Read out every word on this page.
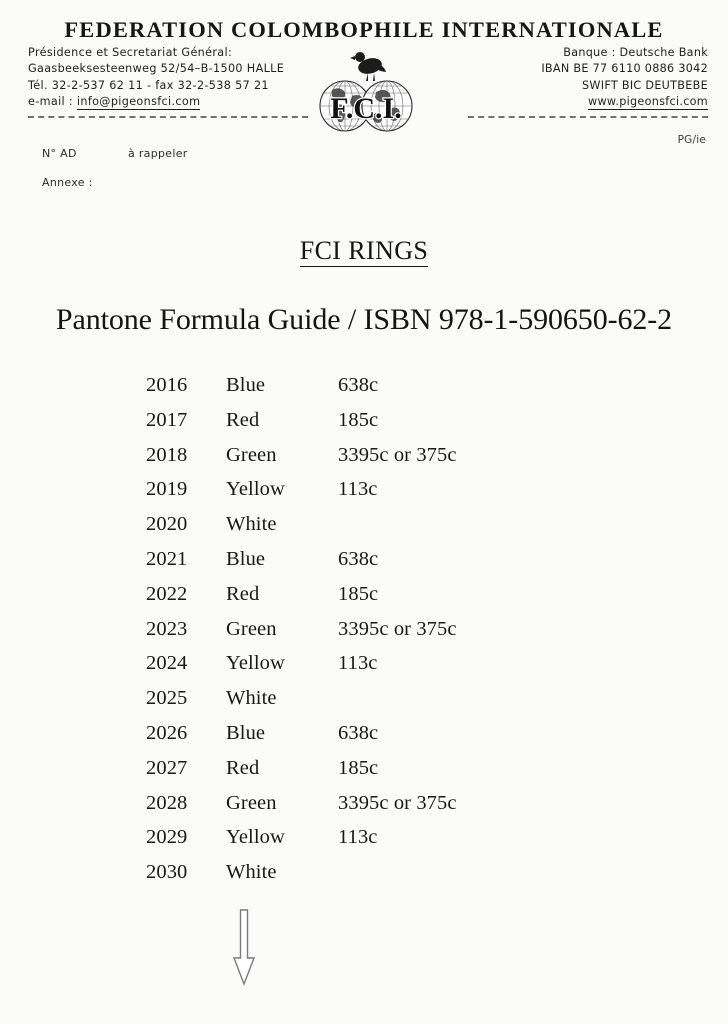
FEDERATION COLOMBOPHILE INTERNATIONALE
Présidence et Secretariat Général:
Gaasbeeksesteenweg 52/54–B-1500 HALLE
Tél. 32-2-537 62 11 - fax 32-2-538 57 21
e-mail : info@pigeonsfci.com
Banque : Deutsche Bank
IBAN BE 77 6110 0886 3042
SWIFT BIC DEUTBEBE
www.pigeonsfci.com
F.C.I.
PG/ie
N° AD	à rappeler
Annexe :
FCI RINGS
Pantone Formula Guide / ISBN 978-1-590650-62-2
2016 Blue	638c
2017 Red	185c
2018 Green	3395c or 375c
2019 Yellow	113c
2020 White
2021 Blue	638c
2022 Red	185c
2023 Green	3395c or 375c
2024 Yellow	113c
2025 White
2026 Blue	638c
2027 Red	185c
2028 Green	3395c or 375c
2029 Yellow	113c
2030 White
